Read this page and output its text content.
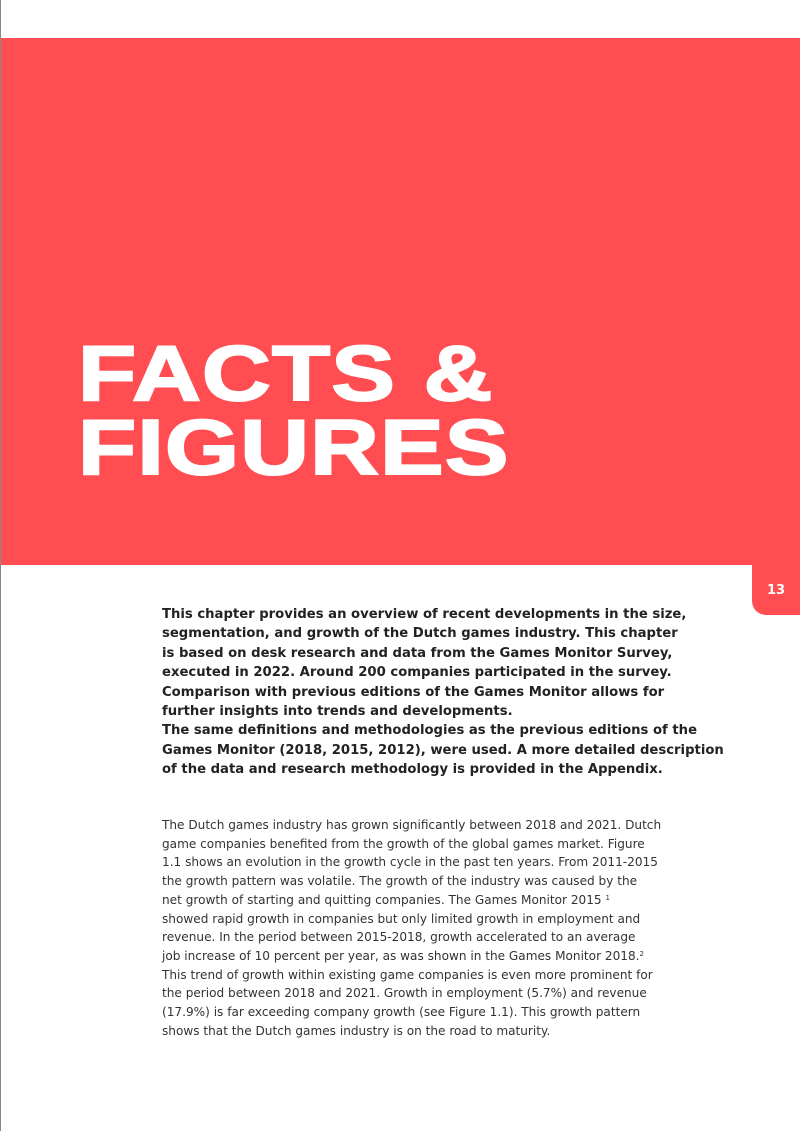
FACTS &
FIGURES
13
This chapter provides an overview of recent developments in the size,
segmentation, and growth of the Dutch games industry. This chapter
is based on desk research and data from the Games Monitor Survey,
executed in 2022. Around 200 companies participated in the survey.
Comparison with previous editions of the Games Monitor allows for
further insights into trends and developments.
The same definitions and methodologies as the previous editions of the
Games Monitor (2018, 2015, 2012), were used. A more detailed description
of the data and research methodology is provided in the Appendix.
The Dutch games industry has grown significantly between 2018 and 2021. Dutch
game companies benefited from the growth of the global games market. Figure
1.1 shows an evolution in the growth cycle in the past ten years. From 2011-2015
the growth pattern was volatile. The growth of the industry was caused by the
net growth of starting and quitting companies. The Games Monitor 2015 $^1$
showed rapid growth in companies but only limited growth in employment and
revenue. In the period between 2015-2018, growth accelerated to an average
job increase of 10 percent per year, as was shown in the Games Monitor 2018.$^2$
This trend of growth within existing game companies is even more prominent for
the period between 2018 and 2021. Growth in employment (5.7%) and revenue
(17.9%) is far exceeding company growth (see Figure 1.1). This growth pattern
shows that the Dutch games industry is on the road to maturity.
